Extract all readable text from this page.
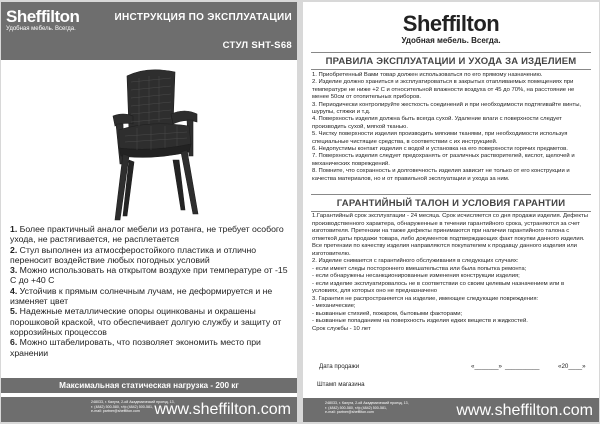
Sheffilton
Удобная мебель. Всегда.
ИНСТРУКЦИЯ ПО ЭКСПЛУАТАЦИИ
СТУЛ SHT-S68

1. Более практичный аналог мебели из ротанга, не требует особого ухода, не растягивается, не расплетается

2. Стул выполнен из атмосферостойкого пластика и отлично переносит воздействие любых погодных условий

3. Можно использовать на открытом воздухе при температуре от -15 С до +40 С

4. Устойчив к прямым солнечным лучам, не деформируется и не изменяет цвет

5. Надежные металлические опоры оцинкованы и окрашены порошковой краской, что обеспечивает долгую службу и защиту от коррозийных процессов

6. Можно штабелировать, что позволяет экономить место при хранении

Максимальная статическая нагрузка - 200 кг
248033, г. Калуга, 2-ой Академический проезд, 13,
т. (4842) 500-580, т/ф (4842) 500-581,
e-mail: partner@sheffilton.com www.sheffilton.com
Sheffilton
Удобная мебель. Всегда.
ПРАВИЛА ЭКСПЛУАТАЦИИ И УХОДА ЗА ИЗДЕЛИЕМ

1. Приобретенный Вами товар должен использоваться по его прямому назначению.

2. Изделие должно храниться и эксплуатироваться в закрытых отапливаемых помещениях при температуре не ниже +2 С и относительной влажности воздуха от 45 до 70%, на расстояние не менее 50см от отопительных приборов.

3. Периодически контролируйте жесткость соединений и при необходимости подтягивайте винты, шурупы, стяжки и т.д.

4. Поверхность изделия должна быть всегда сухой. Удаление влаги с поверхности следует производить сухой, мягкой тканью.

5. Чистку поверхности изделия производить мягкими тканями, при необходимости используя специальные чистящие средства, в соответствии с их инструкцией.

6. Недопустимы контакт изделия с водой и установка на его поверхности горячих предметов.

7. Поверхность изделия следует предохранять от различных растворителей, кислот, щелочей и механических повреждений.

8. Помните, что сохранность и долговечность изделия зависит не только от его конструкции и качества материалов, но и от правильной эксплуатации и ухода за ним.

ГАРАНТИЙНЫЙ ТАЛОН И УСЛОВИЯ ГАРАНТИИ

1.Гарантийный срок эксплуатации - 24 месяца. Срок исчисляется со дня продажи изделия. Дефекты производственного характера, обнаруженные в течении гарантийного срока, устраняются за счет изготовителя. Претензии на также дефекты принимаются при наличии гарантийного талона с отметкой даты продажи товара, либо документов подтверждающих факт покупки данного изделия. Все претензии по качеству изделия направляются покупателем к продавцу данного изделия или изготовителю.

2. Изделие снимается с гарантийного обслуживания в следующих случаях:

- если имеет следы постороннего вмешательства или была попытка ремонта;

- если обнаружены несанкционированные изменения конструкции изделия;

- если изделие эксплуатировалось не в соответствии со своим целевым назначением или в условиях, для которых оно не предназначено

3. Гарантия не распространяется на изделие, имеющее следующие повреждения:

- механические;

- вызванные стихией, пожаром, бытовыми факторами;

- вызванные попаданием на поверхность изделия едких веществ и жидкостей.

Срок службы - 10 лет

Дата продажи	«_______» __________	«20____»
Штамп магазина
248033, г. Калуга, 2-ой Академический проезд, 13,
т. (4842) 500-580, т/ф (4842) 500-581,
e-mail: partner@sheffilton.com	www.sheffilton.com
